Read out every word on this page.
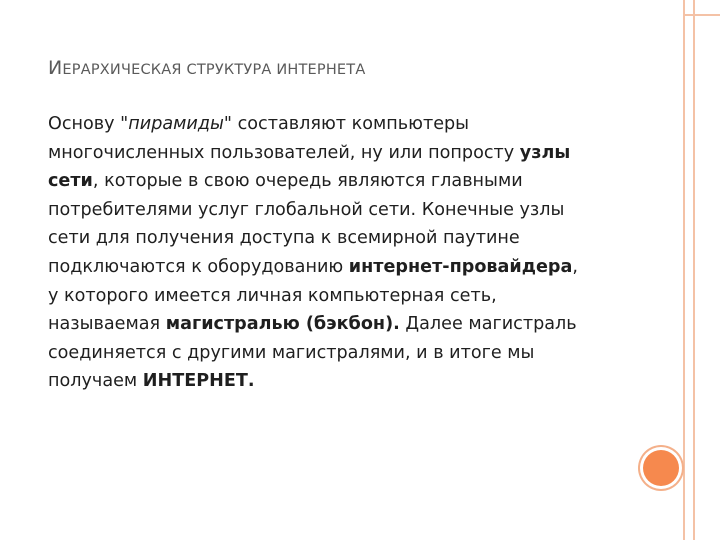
ИЕРАРХИЧЕСКАЯ СТРУКТУРА ИНТЕРНЕТА
Основу "пирамиды" составляют компьютеры
многочисленных пользователей, ну или попросту узлы
сети, которые в свою очередь являются главными
потребителями услуг глобальной сети. Конечные узлы
сети для получения доступа к всемирной паутине
подключаются к оборудованию интернет-провайдера,
у которого имеется личная компьютерная сеть,
называемая магистралью (бэкбон). Далее магистраль
соединяется с другими магистралями, и в итоге мы
получаем ИНТЕРНЕТ.
